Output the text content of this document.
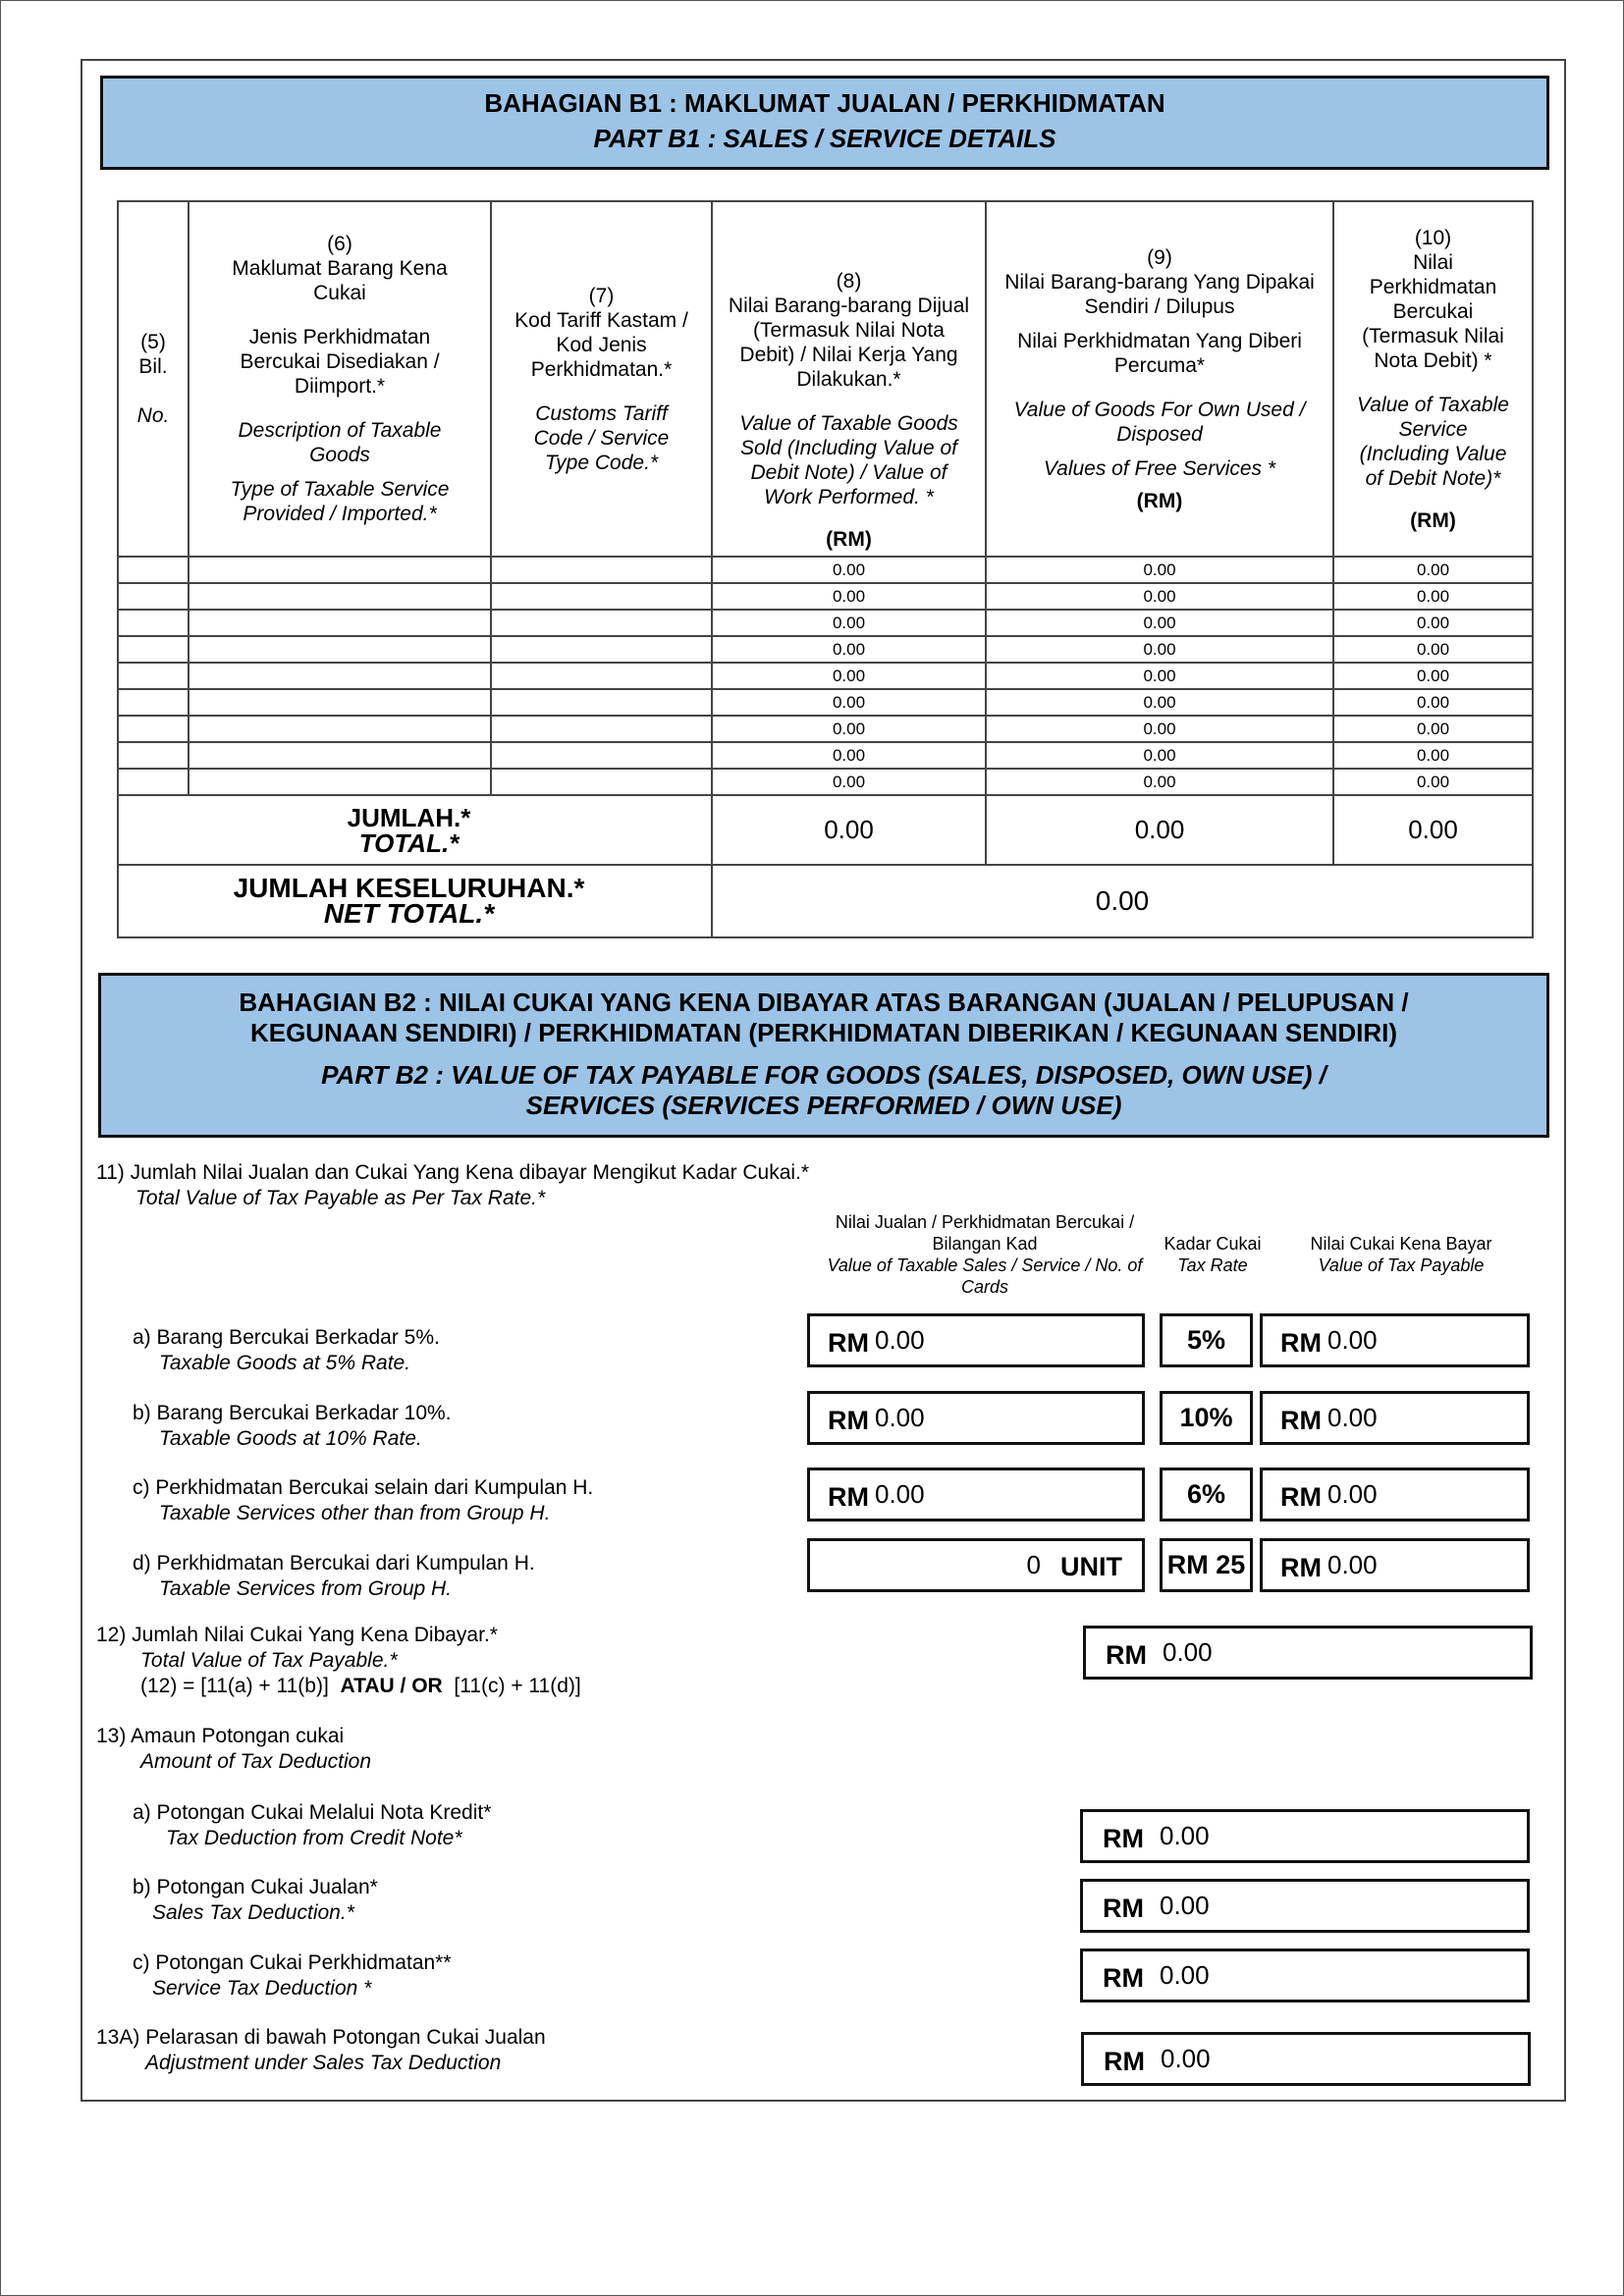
BAHAGIAN B1 : MAKLUMAT JUALAN / PERKHIDMATAN
PART B1 : SALES / SERVICE DETAILS
(5)
Bil.

No.
	(6)

Maklumat Barang Kena Cukai
Jenis Perkhidmatan Bercukai Disediakan / Diimport.*
Description of Taxable Goods
Type of Taxable Service Provided / Imported.*
	(7)

Kod Tariff Kastam / Kod Jenis Perkhidmatan.*
Customs Tariff Code / Service Type Code.*
	(8)

Nilai Barang-barang Dijual (Termasuk Nilai Nota Debit) / Nilai Kerja Yang Dilakukan.*
Value of Taxable Goods Sold (Including Value of Debit Note) / Value of Work Performed. *
(RM)
	(9)

Nilai Barang-barang Yang Dipakai Sendiri / Dilupus
Nilai Perkhidmatan Yang Diberi Percuma*
Value of Goods For Own Used / Disposed
Values of Free Services *
(RM)
	(10)

Nilai Perkhidmatan Bercukai (Termasuk Nilai Nota Debit) *
Value of Taxable Service (Including Value of Debit Note)*
(RM)

			0.00	0.00	0.00
			0.00	0.00	0.00
			0.00	0.00	0.00
			0.00	0.00	0.00
			0.00	0.00	0.00
			0.00	0.00	0.00
			0.00	0.00	0.00
			0.00	0.00	0.00
			0.00	0.00	0.00
JUMLAH.*
TOTAL.*			0.00	0.00	0.00
JUMLAH KESELURUHAN.*
NET TOTAL.*			0.00		
BAHAGIAN B2 : NILAI CUKAI YANG KENA DIBAYAR ATAS BARANGAN (JUALAN / PELUPUSAN /
KEGUNAAN SENDIRI) / PERKHIDMATAN (PERKHIDMATAN DIBERIKAN / KEGUNAAN SENDIRI)
PART B2 : VALUE OF TAX PAYABLE FOR GOODS (SALES, DISPOSED, OWN USE) /
SERVICES (SERVICES PERFORMED / OWN USE)
11) Jumlah Nilai Jualan dan Cukai Yang Kena dibayar Mengikut Kadar Cukai.*
Total Value of Tax Payable as Per Tax Rate.*
Nilai Jualan / Perkhidmatan Bercukai / Bilangan Kad
Value of Taxable Sales / Service / No. of Cards
Kadar Cukai
Tax Rate
Nilai Cukai Kena Bayar
Value of Tax Payable
a) Barang Bercukai Berkadar 5%.
Taxable Goods at 5% Rate.
RM 0.00	5%	RM 0.00
b) Barang Bercukai Berkadar 10%.
Taxable Goods at 10% Rate.
RM 0.00	10%	RM 0.00
c) Perkhidmatan Bercukai selain dari Kumpulan H.
Taxable Services other than from Group H.
RM 0.00	6%	RM 0.00
d) Perkhidmatan Bercukai dari Kumpulan H.
Taxable Services from Group H.
0 UNIT RM 25 RM 0.00
12) Jumlah Nilai Cukai Yang Kena Dibayar.*
Total Value of Tax Payable.*
(12) = [11(a) + 11(b)] ATAU / OR [11(c) + 11(d)]
RM 0.00
13) Amaun Potongan cukai
Amount of Tax Deduction
a) Potongan Cukai Melalui Nota Kredit*
Tax Deduction from Credit Note*	RM 0.00
b) Potongan Cukai Jualan*
Sales Tax Deduction.*	RM 0.00
c) Potongan Cukai Perkhidmatan**
Service Tax Deduction *	RM 0.00
13A) Pelarasan di bawah Potongan Cukai Jualan
Adjustment under Sales Tax Deduction	RM 0.00
